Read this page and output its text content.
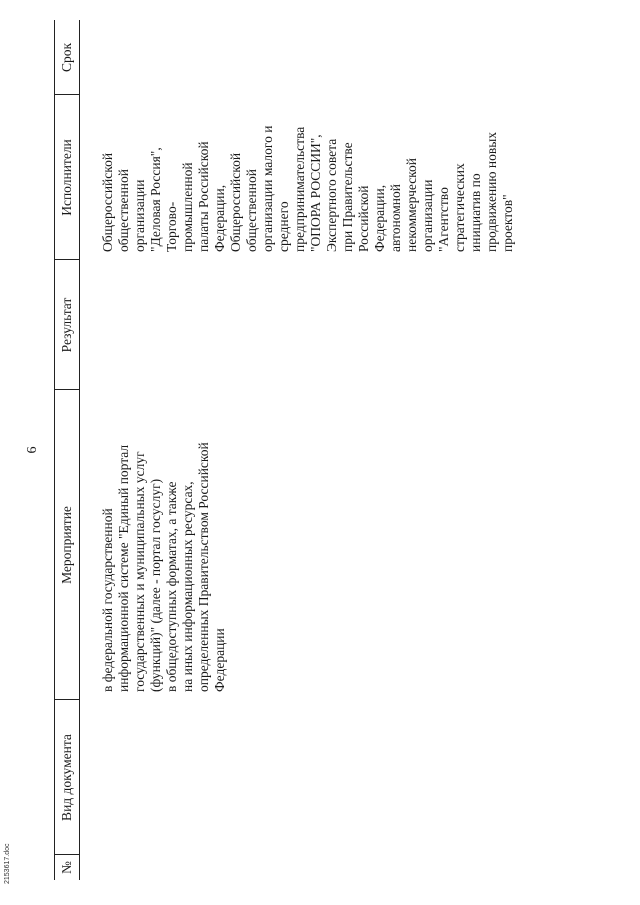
6
№
Вид документа
Мероприятие
Результат
Исполнители
Срок
в федеральной государственной информационной системе "Единый портал государственных и муниципальных услуг (функций)" (далее - портал госуслуг) в общедоступных форматах, а также на иных информационных ресурсах, определенных Правительством Российской Федерации
Общероссийской общественной организации "Деловая Россия", Торгово- промышленной палаты Российской Федерации, Общероссийской общественной организации малого и среднего предпринимательства "ОПОРА РОССИИ", Экспертного совета при Правительстве Российской Федерации, автономной некоммерческой организации "Агентство стратегических инициатив по продвижению новых проектов"
2153617.doc
